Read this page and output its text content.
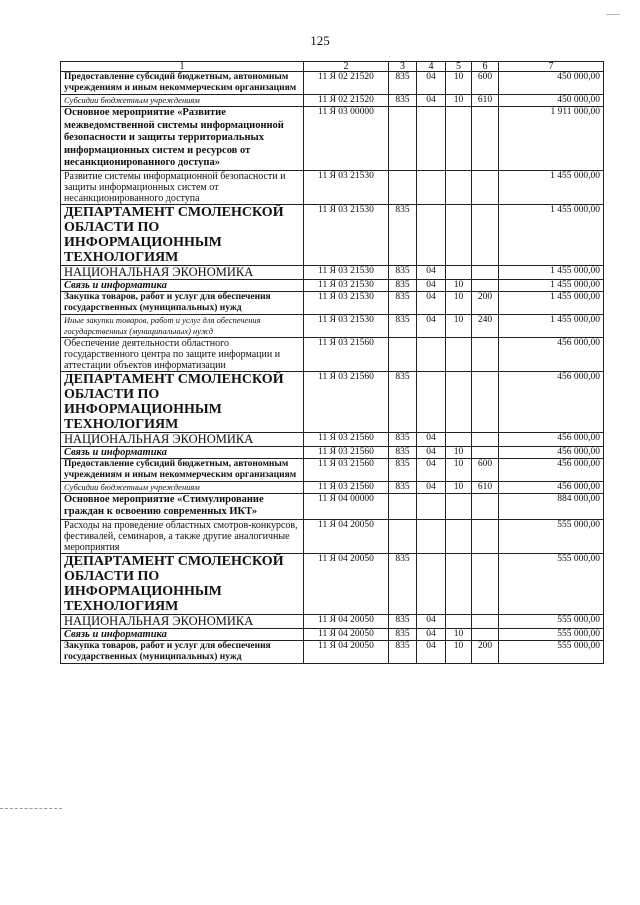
125
1	2	3	4	5	6	7
Предоставление субсидий бюджетным, автономным учреждениям и иным некоммерческим организациям	11 Я 02 21520	835	04	10	600	450 000,00
Субсидии бюджетным учреждениям	11 Я 02 21520	835	04	10	610	450 000,00
Основное мероприятие «Развитие межведомственной системы информационной безопасности и защиты территориальных информационных систем и ресурсов от несанкционированного доступа»	11 Я 03 00000					1 911 000,00
Развитие системы информационной безопасности и защиты информационных систем от несанкционированного доступа	11 Я 03 21530					1 455 000,00
ДЕПАРТАМЕНТ СМОЛЕНСКОЙ ОБЛАСТИ ПО ИНФОРМАЦИОННЫМ ТЕХНОЛОГИЯМ	11 Я 03 21530	835				1 455 000,00
НАЦИОНАЛЬНАЯ ЭКОНОМИКА	11 Я 03 21530	835	04			1 455 000,00
Связь и информатика	11 Я 03 21530	835	04	10		1 455 000,00
Закупка товаров, работ и услуг для обеспечения государственных (муниципальных) нужд	11 Я 03 21530	835	04	10	200	1 455 000,00
Иные закупки товаров, работ и услуг для обеспечения государственных (муниципальных) нужд	11 Я 03 21530	835	04	10	240	1 455 000,00
Обеспечение деятельности областного государственного центра по защите информации и аттестации объектов информатизации	11 Я 03 21560					456 000,00
ДЕПАРТАМЕНТ СМОЛЕНСКОЙ ОБЛАСТИ ПО ИНФОРМАЦИОННЫМ ТЕХНОЛОГИЯМ	11 Я 03 21560	835				456 000,00
НАЦИОНАЛЬНАЯ ЭКОНОМИКА	11 Я 03 21560	835	04			456 000,00
Связь и информатика	11 Я 03 21560	835	04	10		456 000,00
Предоставление субсидий бюджетным, автономным учреждениям и иным некоммерческим организациям	11 Я 03 21560	835	04	10	600	456 000,00
Субсидии бюджетным учреждениям	11 Я 03 21560	835	04	10	610	456 000,00
Основное мероприятие «Стимулирование граждан к освоению современных ИКТ»	11 Я 04 00000					884 000,00
Расходы на проведение областных смотров-конкурсов, фестивалей, семинаров, а также другие аналогичные мероприятия	11 Я 04 20050					555 000,00
ДЕПАРТАМЕНТ СМОЛЕНСКОЙ ОБЛАСТИ ПО ИНФОРМАЦИОННЫМ ТЕХНОЛОГИЯМ	11 Я 04 20050	835				555 000,00
НАЦИОНАЛЬНАЯ ЭКОНОМИКА	11 Я 04 20050	835	04			555 000,00
Связь и информатика	11 Я 04 20050	835	04	10		555 000,00
Закупка товаров, работ и услуг для обеспечения государственных (муниципальных) нужд	11 Я 04 20050	835	04	10	200	555 000,00
